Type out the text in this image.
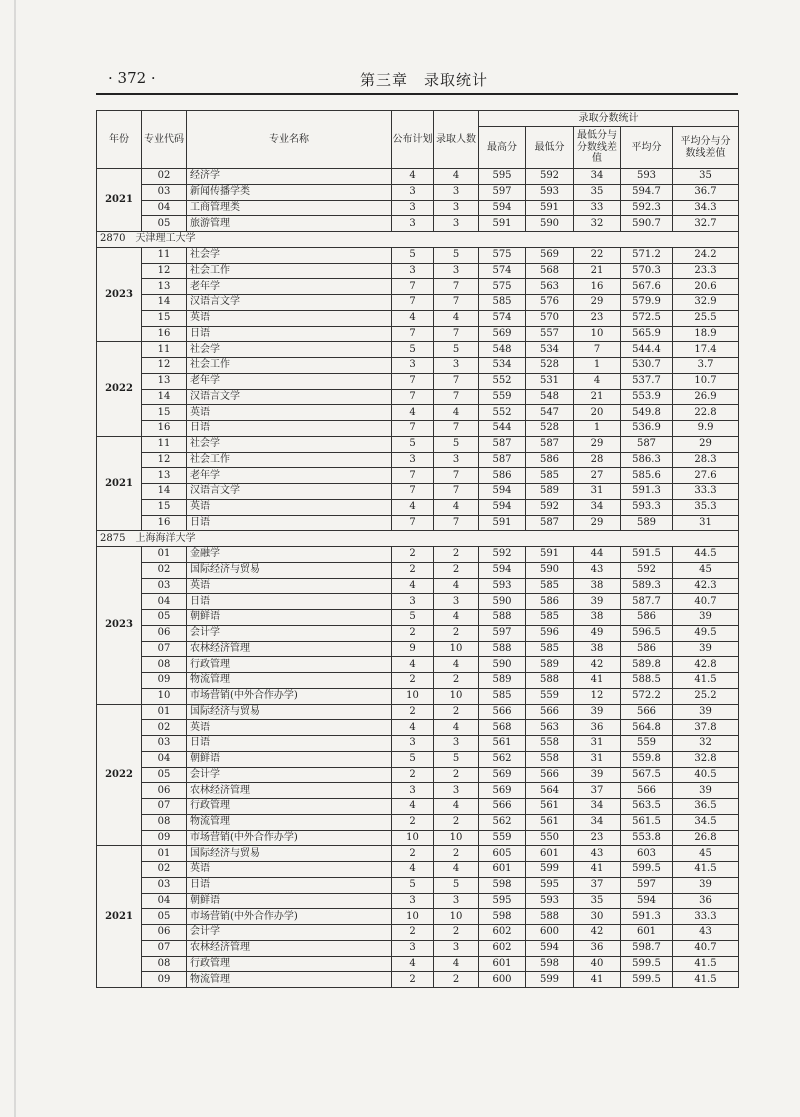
· 372 ·	第三章　录取统计
年份	专业代码	专业名称	公布计划	录取人数	录取分数统计				
					最高分	最低分	最低分与分数线差值	平均分	平均分与分数线差值
2021	02	经济学	4	4	595	592	34	593	35
	03	新闻传播学类	3	3	597	593	35	594.7	36.7
	04	工商管理类	3	3	594	591	33	592.3	34.3
	05	旅游管理	3	3	591	590	32	590.7	32.7
2870　天津理工大学									
2023	11	社会学	5	5	575	569	22	571.2	24.2
	12	社会工作	3	3	574	568	21	570.3	23.3
	13	老年学	7	7	575	563	16	567.6	20.6
	14	汉语言文学	7	7	585	576	29	579.9	32.9
	15	英语	4	4	574	570	23	572.5	25.5
	16	日语	7	7	569	557	10	565.9	18.9
2022	11	社会学	5	5	548	534	7	544.4	17.4
	12	社会工作	3	3	534	528	1	530.7	3.7
	13	老年学	7	7	552	531	4	537.7	10.7
	14	汉语言文学	7	7	559	548	21	553.9	26.9
	15	英语	4	4	552	547	20	549.8	22.8
	16	日语	7	7	544	528	1	536.9	9.9
2021	11	社会学	5	5	587	587	29	587	29
	12	社会工作	3	3	587	586	28	586.3	28.3
	13	老年学	7	7	586	585	27	585.6	27.6
	14	汉语言文学	7	7	594	589	31	591.3	33.3
	15	英语	4	4	594	592	34	593.3	35.3
	16	日语	7	7	591	587	29	589	31
2875　上海海洋大学									
2023	01	金融学	2	2	592	591	44	591.5	44.5
	02	国际经济与贸易	2	2	594	590	43	592	45
	03	英语	4	4	593	585	38	589.3	42.3
	04	日语	3	3	590	586	39	587.7	40.7
	05	朝鲜语	5	4	588	585	38	586	39
	06	会计学	2	2	597	596	49	596.5	49.5
	07	农林经济管理	9	10	588	585	38	586	39
	08	行政管理	4	4	590	589	42	589.8	42.8
	09	物流管理	2	2	589	588	41	588.5	41.5
	10	市场营销(中外合作办学)	10	10	585	559	12	572.2	25.2
2022	01	国际经济与贸易	2	2	566	566	39	566	39
	02	英语	4	4	568	563	36	564.8	37.8
	03	日语	3	3	561	558	31	559	32
	04	朝鲜语	5	5	562	558	31	559.8	32.8
	05	会计学	2	2	569	566	39	567.5	40.5
	06	农林经济管理	3	3	569	564	37	566	39
	07	行政管理	4	4	566	561	34	563.5	36.5
	08	物流管理	2	2	562	561	34	561.5	34.5
	09	市场营销(中外合作办学)	10	10	559	550	23	553.8	26.8
2021	01	国际经济与贸易	2	2	605	601	43	603	45
	02	英语	4	4	601	599	41	599.5	41.5
	03	日语	5	5	598	595	37	597	39
	04	朝鲜语	3	3	595	593	35	594	36
	05	市场营销(中外合作办学)	10	10	598	588	30	591.3	33.3
	06	会计学	2	2	602	600	42	601	43
	07	农林经济管理	3	3	602	594	36	598.7	40.7
	08	行政管理	4	4	601	598	40	599.5	41.5
	09	物流管理	2	2	600	599	41	599.5	41.5
